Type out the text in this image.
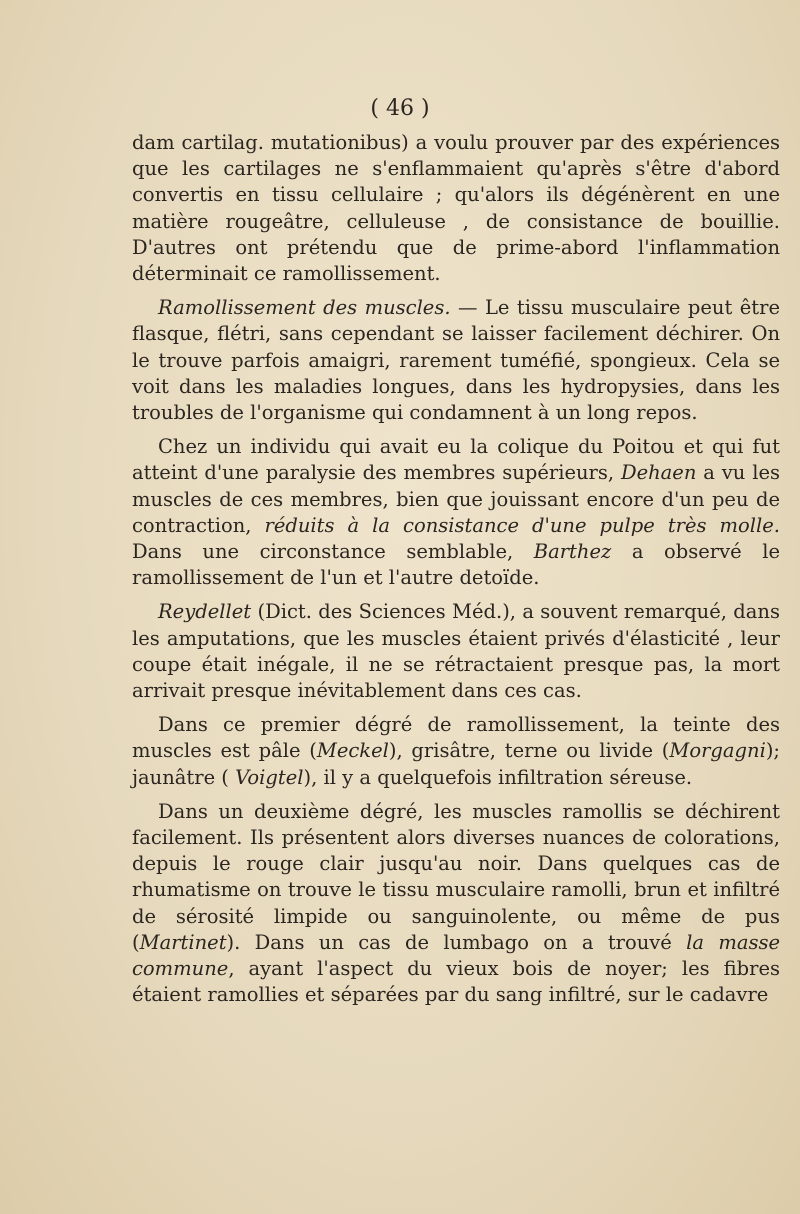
( 46 )

dam cartilag. mutationibus) a voulu prouver par des expériences que les cartilages ne s'enflammaient qu'après s'être d'abord convertis en tissu cellulaire ; qu'alors ils dégénèrent en une matière rougeâtre, celluleuse , de consistance de bouillie. D'autres ont prétendu que de prime-abord l'inflammation déterminait ce ramollissement.

Ramollissement des muscles. — Le tissu musculaire peut être flasque, flétri, sans cependant se laisser facilement déchirer. On le trouve parfois amaigri, rarement tuméfié, spongieux. Cela se voit dans les maladies longues, dans les hydropysies, dans les troubles de l'organisme qui condamnent à un long repos.

Chez un individu qui avait eu la colique du Poitou et qui fut atteint d'une paralysie des membres supérieurs, Dehaen a vu les muscles de ces membres, bien que jouissant encore d'un peu de contraction, réduits à la consistance d'une pulpe très molle. Dans une circonstance semblable, Barthez a observé le ramollissement de l'un et l'autre detoïde.

Reydellet (Dict. des Sciences Méd.), a souvent remarqué, dans les amputations, que les muscles étaient privés d'élasticité , leur coupe était inégale, il ne se rétractaient presque pas, la mort arrivait presque inévitablement dans ces cas.

Dans ce premier dégré de ramollissement, la teinte des muscles est pâle (Meckel), grisâtre, terne ou livide (Morgagni); jaunâtre ( Voigtel), il y a quelquefois infiltration séreuse.

Dans un deuxième dégré, les muscles ramollis se déchirent facilement. Ils présentent alors diverses nuances de colorations, depuis le rouge clair jusqu'au noir. Dans quelques cas de rhumatisme on trouve le tissu musculaire ramolli, brun et infiltré de sérosité limpide ou sanguinolente, ou même de pus (Martinet). Dans un cas de lumbago on a trouvé la masse commune, ayant l'aspect du vieux bois de noyer; les fibres étaient ramollies et séparées par du sang infiltré, sur le cadavre
